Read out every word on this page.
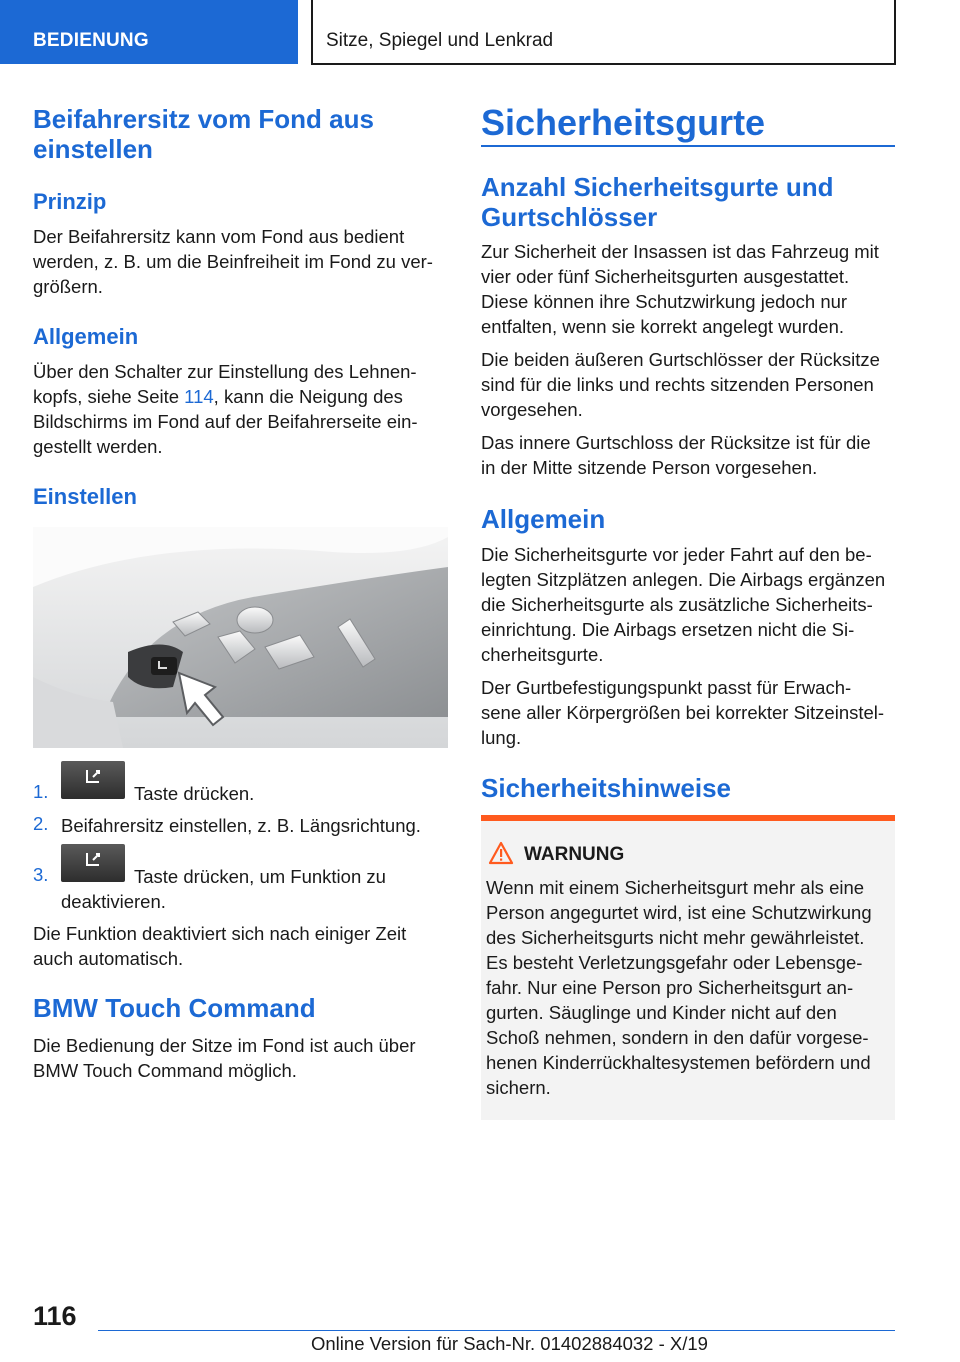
BEDIENUNG	Sitze, Spiegel und Lenkrad
Beifahrersitz vom Fond aus
einstellen
Prinzip
Der Beifahrersitz kann vom Fond aus bedient
werden, z. B. um die Beinfreiheit im Fond zu ver‐
größern.
Allgemein
Über den Schalter zur Einstellung des Lehnen‐
kopfs, siehe Seite 114, kann die Neigung des
Bildschirms im Fond auf der Beifahrerseite ein‐
gestellt werden.
Einstellen
1.	Taste drücken.
2. Beifahrersitz einstellen, z. B. Längsrichtung.
3.	Taste drücken, um Funktion zu
deaktivieren.
Die Funktion deaktiviert sich nach einiger Zeit
auch automatisch.
BMW Touch Command
Die Bedienung der Sitze im Fond ist auch über
BMW Touch Command möglich.
Sicherheitsgurte
Anzahl Sicherheitsgurte und
Gurtschlösser
Zur Sicherheit der Insassen ist das Fahrzeug mit
vier oder fünf Sicherheitsgurten ausgestattet.
Diese können ihre Schutzwirkung jedoch nur
entfalten, wenn sie korrekt angelegt wurden.
Die beiden äußeren Gurtschlösser der Rücksitze
sind für die links und rechts sitzenden Personen
vorgesehen.
Das innere Gurtschloss der Rücksitze ist für die
in der Mitte sitzende Person vorgesehen.
Allgemein
Die Sicherheitsgurte vor jeder Fahrt auf den be‐
legten Sitzplätzen anlegen. Die Airbags ergänzen
die Sicherheitsgurte als zusätzliche Sicherheits‐
einrichtung. Die Airbags ersetzen nicht die Si‐
cherheitsgurte.
Der Gurtbefestigungspunkt passt für Erwach‐
sene aller Körpergrößen bei korrekter Sitzeinstel‐
lung.
Sicherheitshinweise
WARNUNG
Wenn mit einem Sicherheitsgurt mehr als eine
Person angegurtet wird, ist eine Schutzwirkung
des Sicherheitsgurts nicht mehr gewährleistet.
Es besteht Verletzungsgefahr oder Lebensge‐
fahr. Nur eine Person pro Sicherheitsgurt an‐
gurten. Säuglinge und Kinder nicht auf den
Schoß nehmen, sondern in den dafür vorgese‐
henen Kinderrückhaltesystemen befördern und
sichern.
116
Online Version für Sach-Nr. 01402884032 - X/19
